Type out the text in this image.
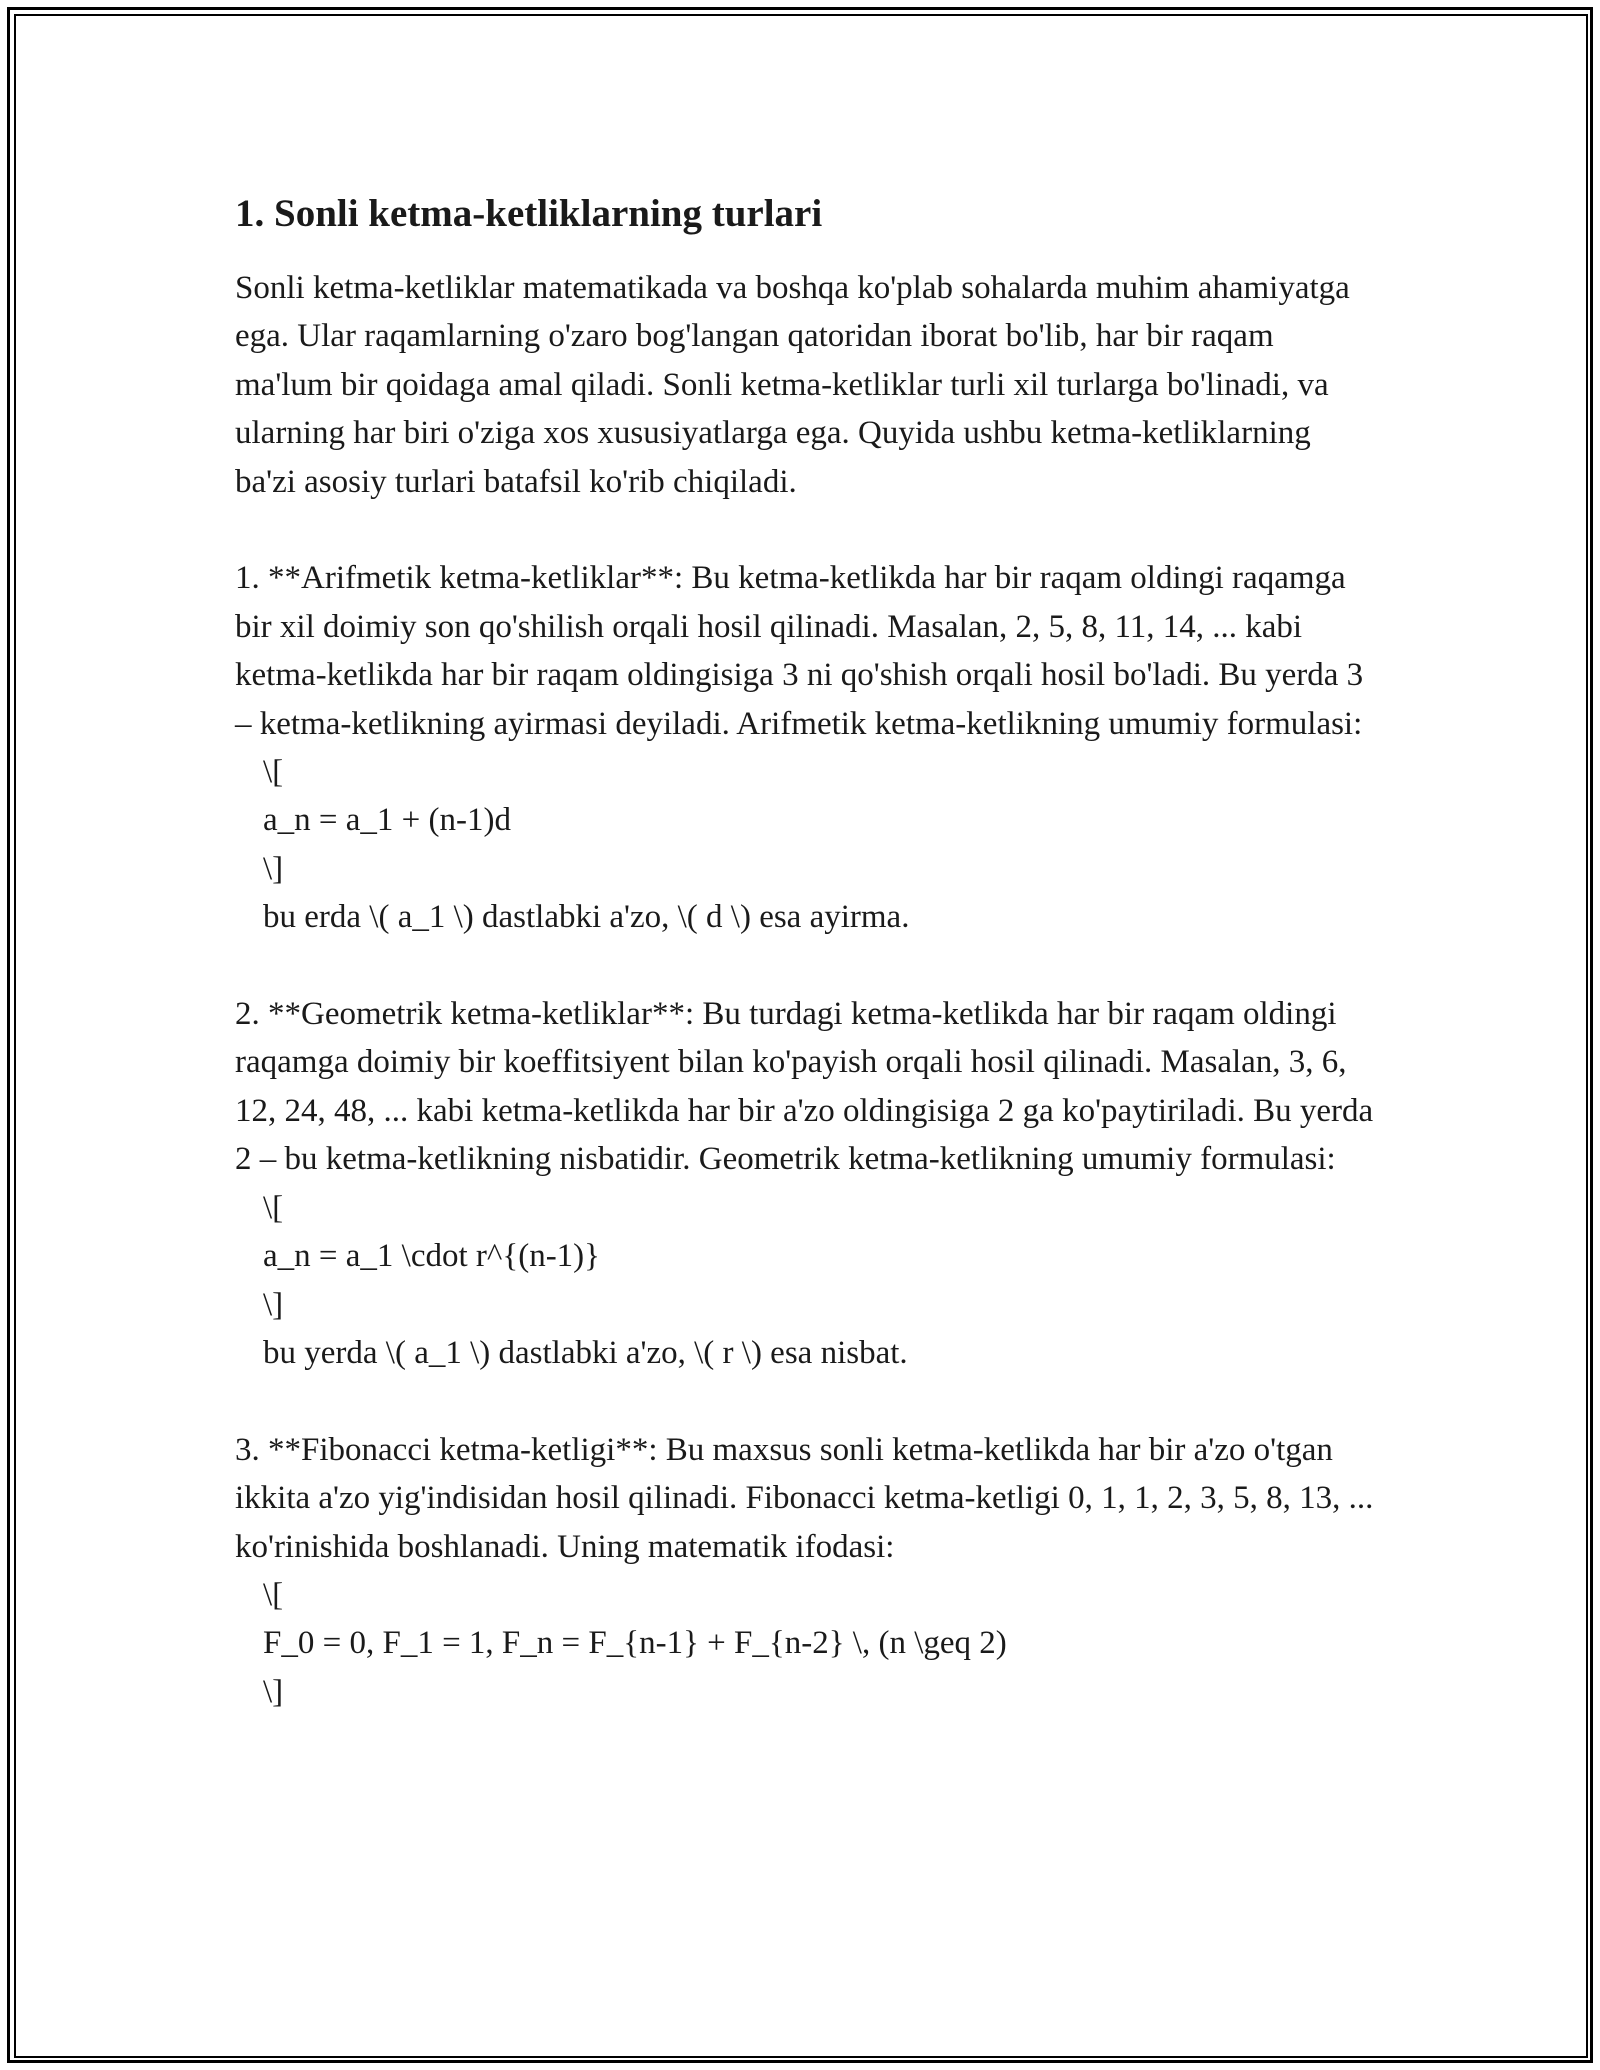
1. Sonli ketma-ketliklarning turlari

Sonli ketma-ketliklar matematikada va boshqa ko'plab sohalarda muhim ahamiyatga ega. Ular raqamlarning o'zaro bog'langan qatoridan iborat bo'lib, har bir raqam ma'lum bir qoidaga amal qiladi. Sonli ketma-ketliklar turli xil turlarga bo'linadi, va ularning har biri o'ziga xos xususiyatlarga ega. Quyida ushbu ketma-ketliklarning ba'zi asosiy turlari batafsil ko'rib chiqiladi.

1. **Arifmetik ketma-ketliklar**: Bu ketma-ketlikda har bir raqam oldingi raqamga bir xil doimiy son qo'shilish orqali hosil qilinadi. Masalan, 2, 5, 8, 11, 14, ... kabi ketma-ketlikda har bir raqam oldingisiga 3 ni qo'shish orqali hosil bo'ladi. Bu yerda 3 – ketma-ketlikning ayirmasi deyiladi. Arifmetik ketma-ketlikning umumiy formulasi:

\[

a_n = a_1 + (n-1)d

\]

bu erda \( a_1 \) dastlabki a'zo, \( d \) esa ayirma.

2. **Geometrik ketma-ketliklar**: Bu turdagi ketma-ketlikda har bir raqam oldingi raqamga doimiy bir koeffitsiyent bilan ko'payish orqali hosil qilinadi. Masalan, 3, 6, 12, 24, 48, ... kabi ketma-ketlikda har bir a'zo oldingisiga 2 ga ko'paytiriladi. Bu yerda 2 – bu ketma-ketlikning nisbatidir. Geometrik ketma-ketlikning umumiy formulasi:

\[

a_n = a_1 \cdot r^{(n-1)}

\]

bu yerda \( a_1 \) dastlabki a'zo, \( r \) esa nisbat.

3. **Fibonacci ketma-ketligi**: Bu maxsus sonli ketma-ketlikda har bir a'zo o'tgan ikkita a'zo yig'indisidan hosil qilinadi. Fibonacci ketma-ketligi 0, 1, 1, 2, 3, 5, 8, 13, ... ko'rinishida boshlanadi. Uning matematik ifodasi:

\[

F_0 = 0, F_1 = 1, F_n = F_{n-1} + F_{n-2} \, (n \geq 2)

\]
